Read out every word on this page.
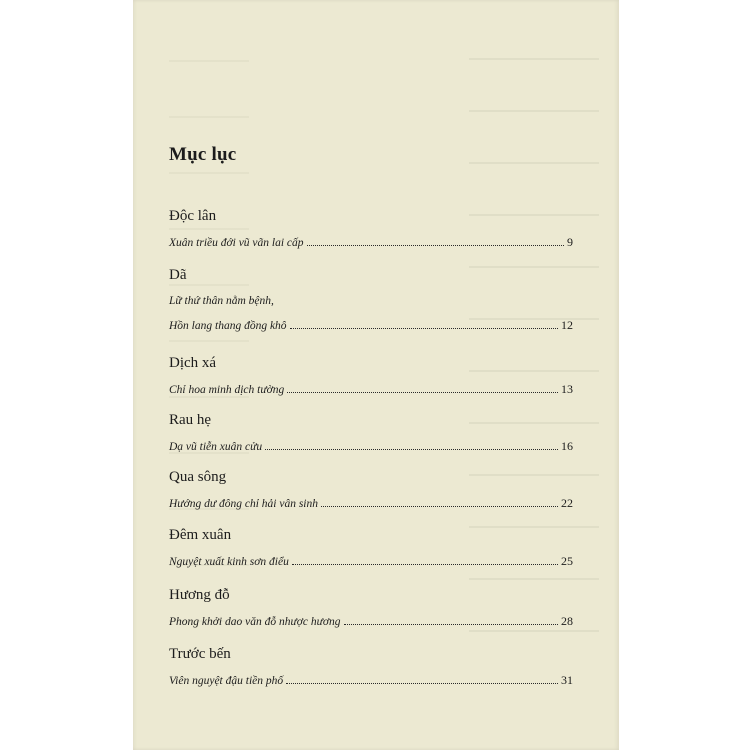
Mục lục
Độc lân
Xuân triều đới vũ vãn lai cấp	9
Dã
Lữ thứ thân nằm bệnh,
Hồn lang thang đồng khô	12
Dịch xá
Chỉ hoa minh dịch tường	13
Rau hẹ
Dạ vũ tiễn xuân cửu	16
Qua sông
Hướng dư đông chỉ hải vân sinh	22
Đêm xuân
Nguyệt xuất kinh sơn điểu	25
Hương đỗ
Phong khởi dao văn đỗ nhược hương	28
Trước bến
Viên nguyệt đậu tiền phố	31
